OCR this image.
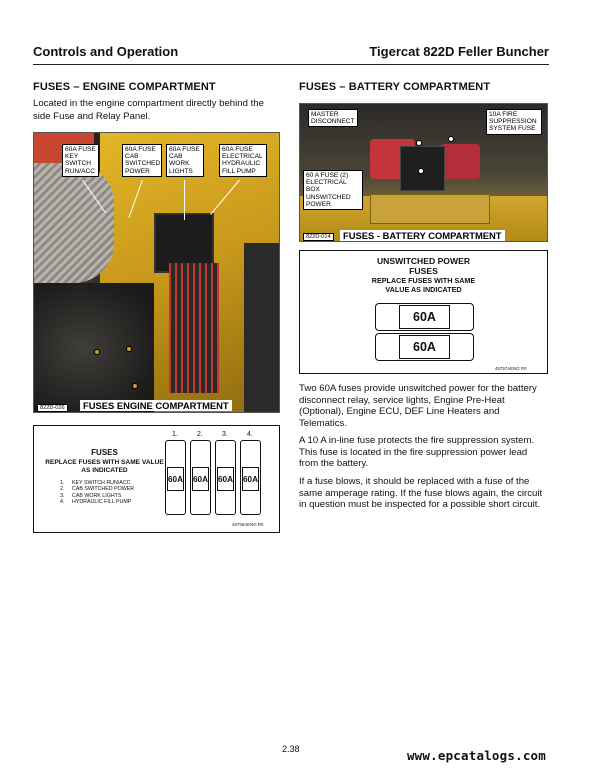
Controls and Operation	Tigercat 822D Feller Buncher
FUSES – ENGINE COMPARTMENT
Located in the engine compartment directly behind the side Fuse and Relay Panel.
60A FUSE KEY SWITCH RUN/ACC
60A FUSE CAB SWITCHED POWER
60A FUSE CAB WORK LIGHTS
60A FUSE ELECTRICAL HYDRAULIC FILL PUMP
822D-026	FUSES ENGINE COMPARTMENT
FUSES
REPLACE FUSES WITH SAME VALUE AS INDICATED
1. KEY SWITCH RUN/ACC
2. CAB SWITCHED POWER
3. CAB WORK LIGHTS
4. HYDRAULIC FILL PUMP
1.	2.	3.	4.
60A 60A 60A 60A
45756AENG R0
FUSES – BATTERY COMPARTMENT
MASTER DISCONNECT
10A FIRE SUPPRESSION SYSTEM FUSE
60 A FUSE (2) ELECTRICAL BOX UNSWITCHED POWER
822D-014	FUSES - BATTERY COMPARTMENT
UNSWITCHED POWER FUSES
REPLACE FUSES WITH SAME VALUE AS INDICATED
60A
60A
45757AENG R0
Two 60A fuses provide unswitched power for the battery disconnect relay, service lights, Engine Pre-Heat (Optional), Engine ECU, DEF Line Heaters and Telematics.
A 10 A in-line fuse protects the fire suppression system. This fuse is located in the fire suppression power lead from the battery.
If a fuse blows, it should be replaced with a fuse of the same amperage rating. If the fuse blows again, the circuit in question must be inspected for a possible short circuit.
2.38	www.epcatalogs.com
